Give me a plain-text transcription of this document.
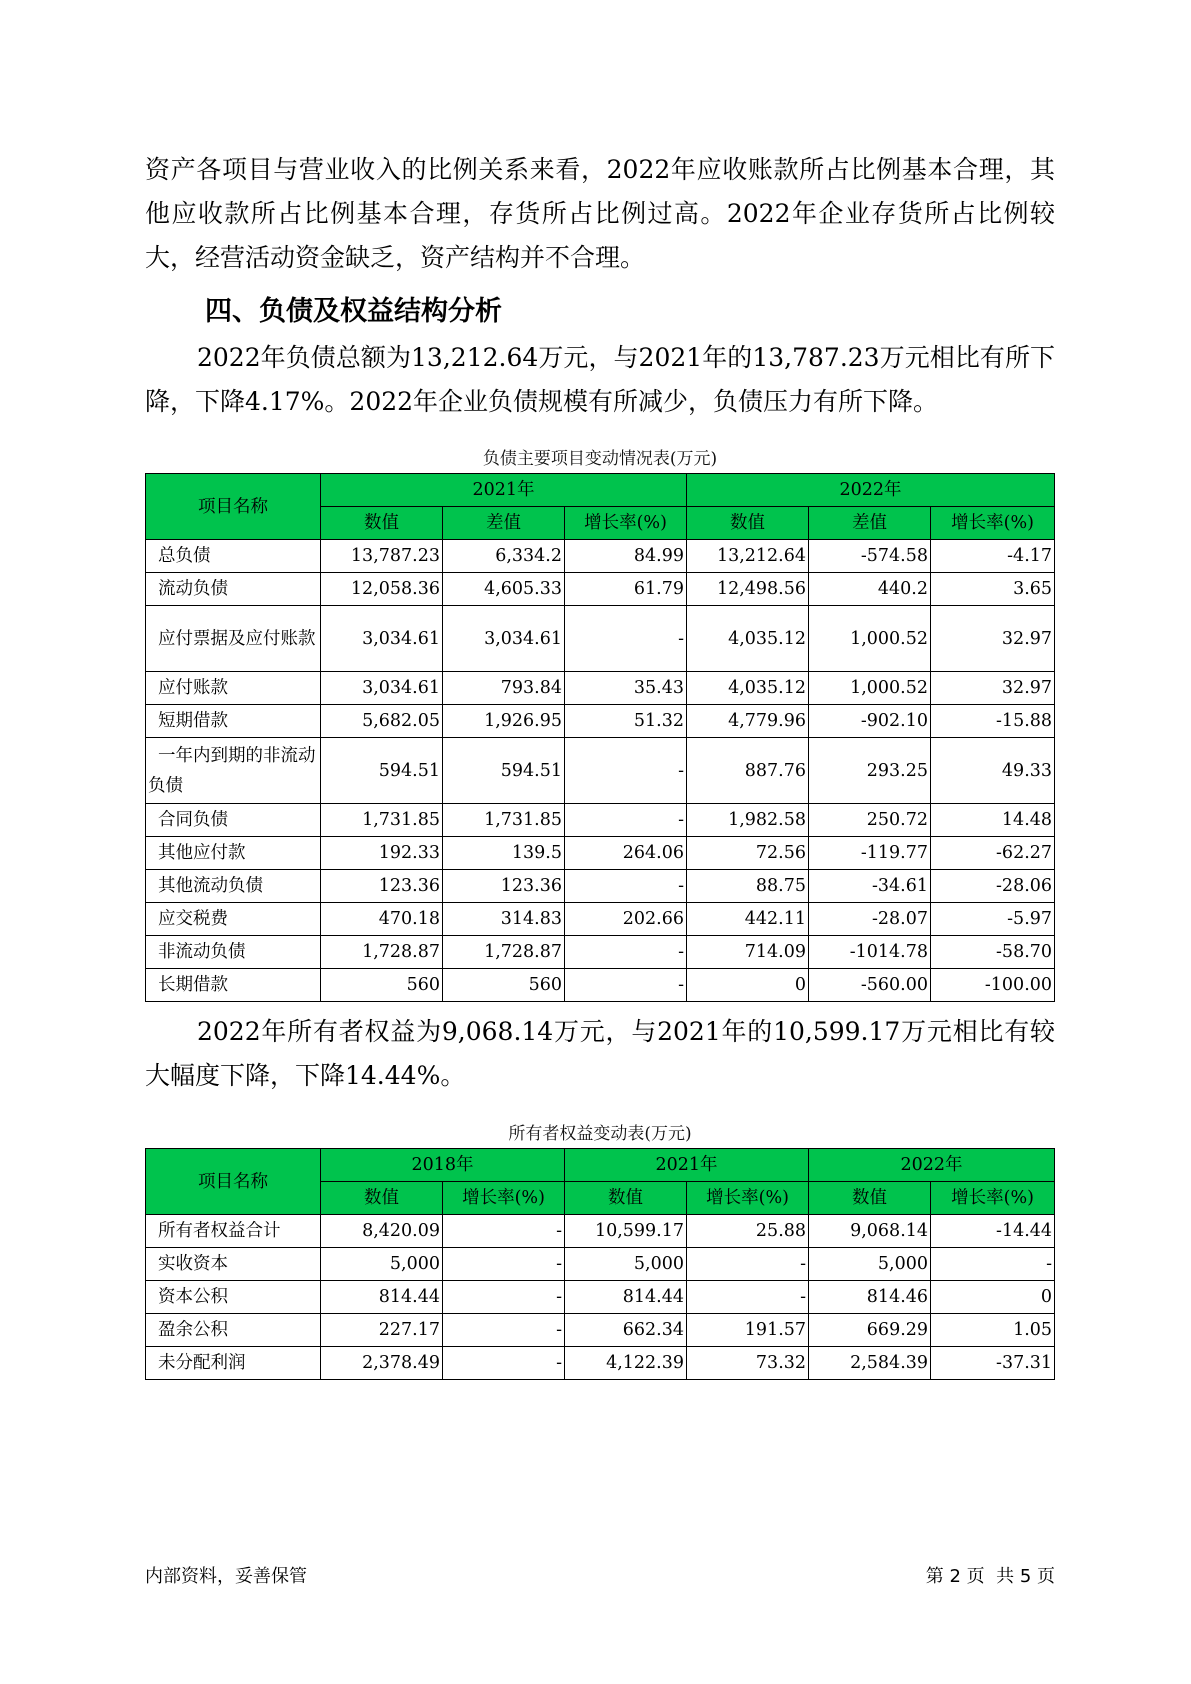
资产各项目与营业收入的比例关系来看，2022年应收账款所占比例基本合理，其他应收款所占比例基本合理，存货所占比例过高。2022年企业存货所占比例较大，经营活动资金缺乏，资产结构并不合理。

四、负债及权益结构分析

2022年负债总额为13,212.64万元，与2021年的13,787.23万元相比有所下降，下降4.17%。2022年企业负债规模有所减少，负债压力有所下降。

负债主要项目变动情况表(万元)
项目名称	2021年			2022年		
	数值	差值	增长率(%)	数值	差值	增长率(%)
总负债	13,787.23	6,334.2	84.99	13,212.64	-574.58	-4.17
流动负债	12,058.36	4,605.33	61.79	12,498.56	440.2	3.65
应付票据及应付账款	3,034.61	3,034.61	-	4,035.12	1,000.52	32.97
应付账款	3,034.61	793.84	35.43	4,035.12	1,000.52	32.97
短期借款	5,682.05	1,926.95	51.32	4,779.96	-902.10	-15.88
一年内到期的非流动负债	594.51	594.51	-	887.76	293.25	49.33
合同负债	1,731.85	1,731.85	-	1,982.58	250.72	14.48
其他应付款	192.33	139.5	264.06	72.56	-119.77	-62.27
其他流动负债	123.36	123.36	-	88.75	-34.61	-28.06
应交税费	470.18	314.83	202.66	442.11	-28.07	-5.97
非流动负债	1,728.87	1,728.87	-	714.09	-1014.78	-58.70
长期借款	560	560	-	0	-560.00	-100.00

2022年所有者权益为9,068.14万元，与2021年的10,599.17万元相比有较大幅度下降，下降14.44%。

所有者权益变动表(万元)
项目名称	2018年		2021年		2022年	
	数值	增长率(%)	数值	增长率(%)	数值	增长率(%)
所有者权益合计	8,420.09	-	10,599.17	25.88	9,068.14	-14.44
实收资本	5,000	-	5,000	-	5,000	-
资本公积	814.44	-	814.44	-	814.46	0
盈余公积	227.17	-	662.34	191.57	669.29	1.05
未分配利润	2,378.49	-	4,122.39	73.32	2,584.39	-37.31
内部资料，妥善保管	第 2 页  共 5 页
